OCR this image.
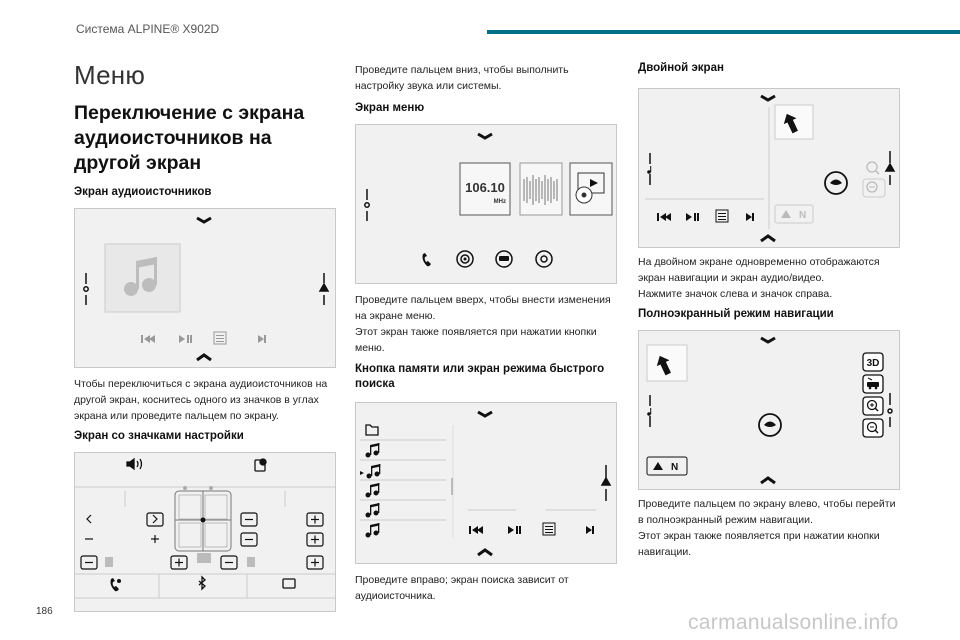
Система ALPINE® X902D
Меню
Переключение с экрана аудиоисточников на другой экран
Экран аудиоисточников
Чтобы переключиться с экрана аудиоисточников на другой экран, коснитесь одного из значков в углах экрана или проведите пальцем по экрану.
Экран со значками настройки
Проведите пальцем вниз, чтобы выполнить настройку звука или системы.
Экран меню
106.10
MHz
Проведите пальцем вверх, чтобы внести изменения на экране меню.
Этот экран также появляется при нажатии кнопки меню.
Кнопка памяти или экран режима быстрого поиска
Проведите вправо; экран поиска зависит от аудиоисточника.
Двойной экран
N
На двойном экране одновременно отображаются экран навигации и экран аудио/видео.
Нажмите значок слева и значок справа.
Полноэкранный режим навигации
3D
N
Проведите пальцем по экрану влево, чтобы перейти в полноэкранный режим навигации.
Этот экран также появляется при нажатии кнопки навигации.
186	carmanualsonline.info
